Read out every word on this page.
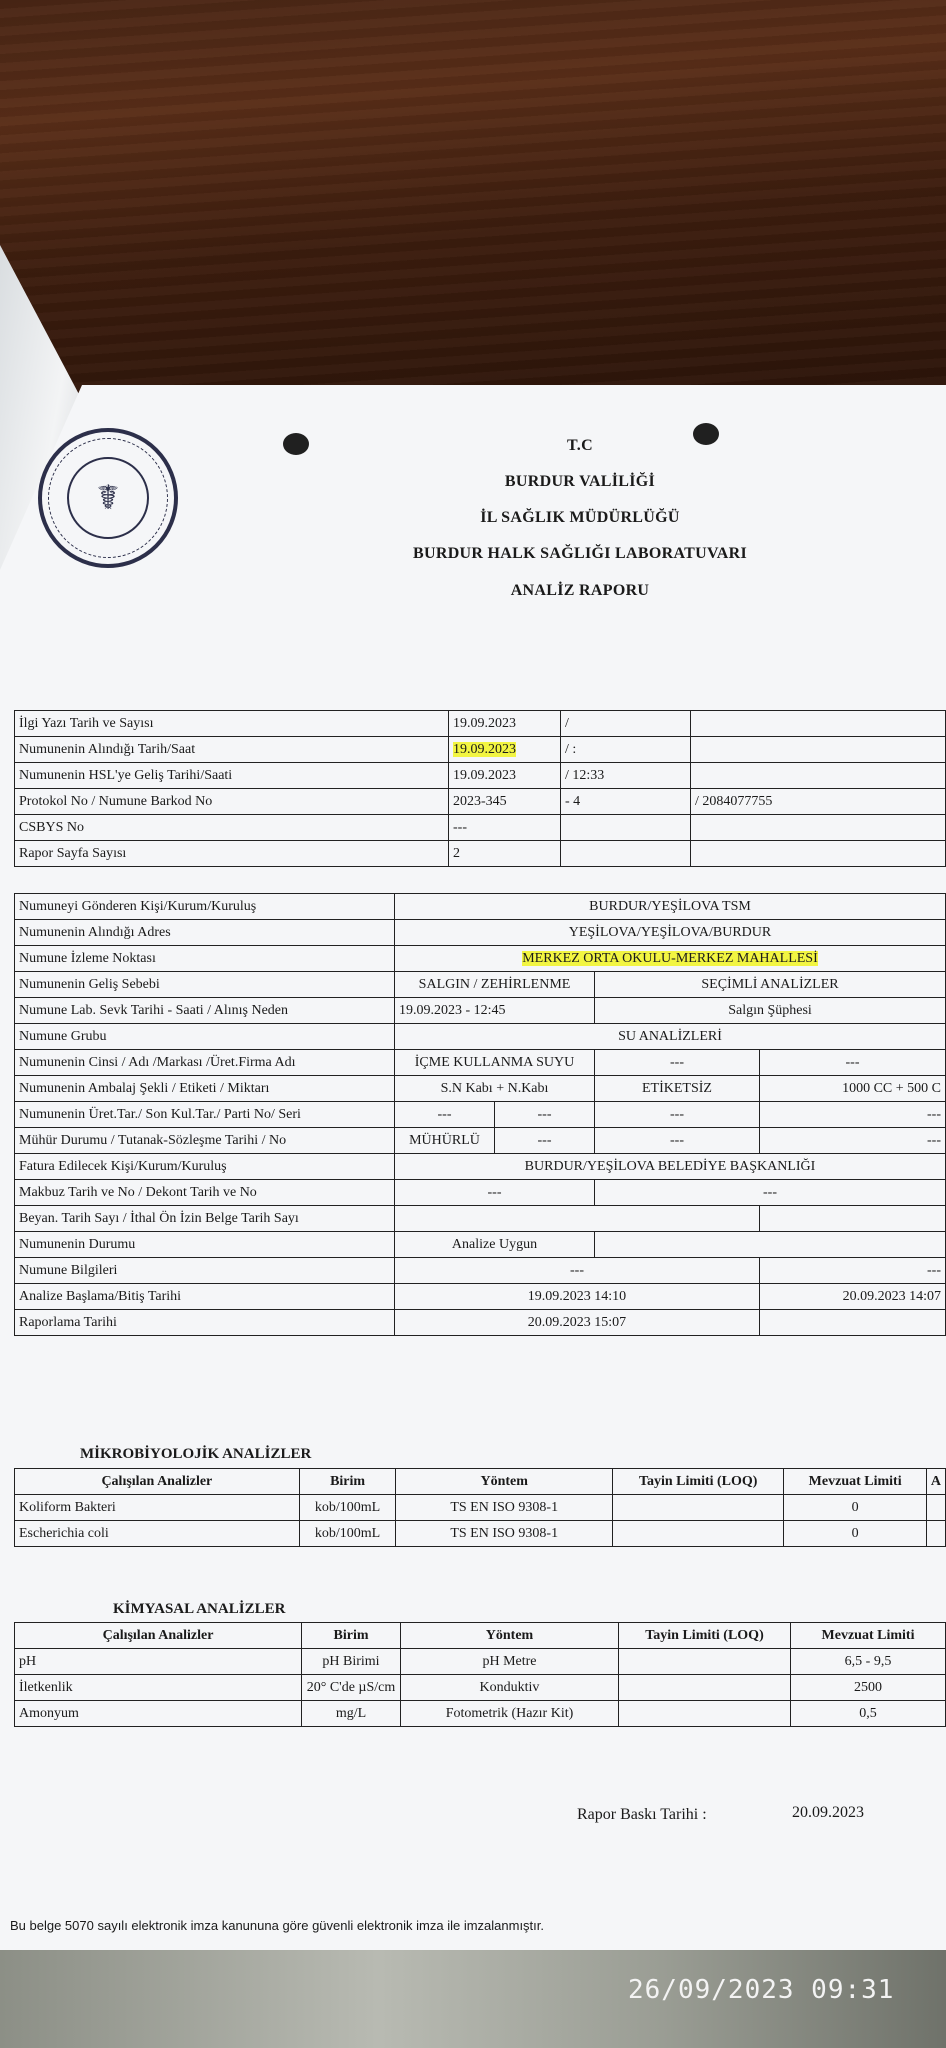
☤
T.C
BURDUR VALİLİĞİ
İL SAĞLIK MÜDÜRLÜĞÜ
BURDUR HALK SAĞLIĞI LABORATUVARI
ANALİZ RAPORU
İlgi Yazı Tarih ve Sayısı	19.09.2023	/	
Numunenin Alındığı Tarih/Saat	19.09.2023	/ :	
Numunenin HSL'ye Geliş Tarihi/Saati	19.09.2023	/ 12:33	
Protokol No / Numune Barkod No	2023-345	- 4	/ 2084077755
CSBYS No	---		
Rapor Sayfa Sayısı	2		
Numuneyi Gönderen Kişi/Kurum/Kuruluş	BURDUR/YEŞİLOVA TSM			
Numunenin Alındığı Adres	YEŞİLOVA/YEŞİLOVA/BURDUR			
Numune İzleme Noktası	MERKEZ ORTA OKULU-MERKEZ MAHALLESİ			
Numunenin Geliş Sebebi	SALGIN / ZEHİRLENME		SEÇİMLİ ANALİZLER	
Numune Lab. Sevk Tarihi - Saati / Alınış Neden	19.09.2023 - 12:45		Salgın Şüphesi	
Numune Grubu	SU ANALİZLERİ			
Numunenin Cinsi / Adı /Markası /Üret.Firma Adı	İÇME KULLANMA SUYU		---	---
Numunenin Ambalaj Şekli / Etiketi / Miktarı	S.N Kabı + N.Kabı		ETİKETSİZ	1000 CC + 500 C
Numunenin Üret.Tar./ Son Kul.Tar./ Parti No/ Seri	---	---	---	---
Mühür Durumu / Tutanak-Sözleşme Tarihi / No	MÜHÜRLÜ	---	---	---
Fatura Edilecek Kişi/Kurum/Kuruluş	BURDUR/YEŞİLOVA BELEDİYE BAŞKANLIĞI			
Makbuz Tarih ve No / Dekont Tarih ve No	---		---	
Beyan. Tarih Sayı / İthal Ön İzin Belge Tarih Sayı				
Numunenin Durumu	Analize Uygun			
Numune Bilgileri	---			---
Analize Başlama/Bitiş Tarihi	19.09.2023 14:10			20.09.2023 14:07
Raporlama Tarihi	20.09.2023 15:07			
MİKROBİYOLOJİK ANALİZLER
Çalışılan Analizler	Birim	Yöntem	Tayin Limiti (LOQ)	Mevzuat Limiti	A
Koliform Bakteri	kob/100mL	TS EN ISO 9308-1		0	
Escherichia coli	kob/100mL	TS EN ISO 9308-1		0	
KİMYASAL ANALİZLER
Çalışılan Analizler	Birim	Yöntem	Tayin Limiti (LOQ)	Mevzuat Limiti
pH	pH Birimi	pH Metre		6,5 - 9,5
İletkenlik	20° C'de µS/cm	Konduktiv		2500
Amonyum	mg/L	Fotometrik (Hazır Kit)		0,5
Rapor Baskı Tarihi :	20.09.2023
Bu belge 5070 sayılı elektronik imza kanununa göre güvenli elektronik imza ile imzalanmıştır.
26/09/2023 09:31
